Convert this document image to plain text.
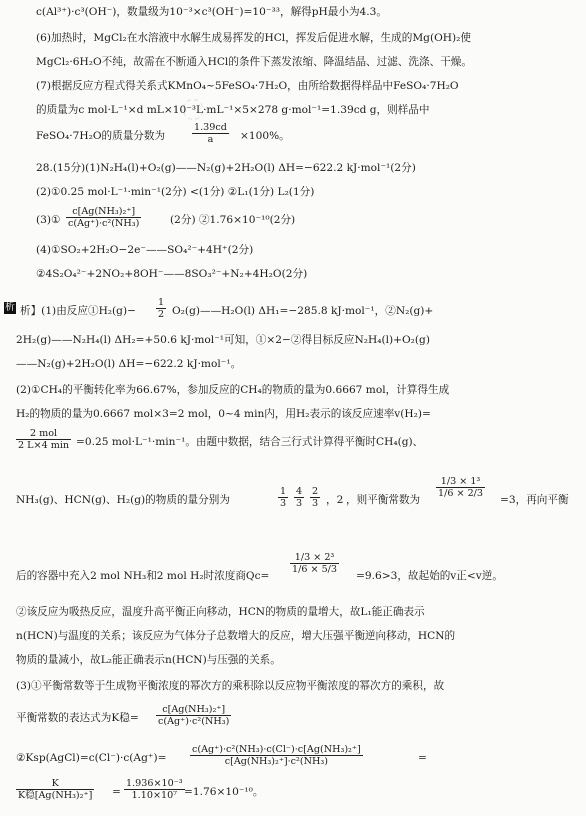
◌
c(Al³⁺)·c³(OH⁻)，数量级为10⁻³×c³(OH⁻)=10⁻³³，解得pH最小为4.3。
(6)加热时，MgCl₂在水溶液中水解生成易挥发的HCl，挥发后促进水解，生成的Mg(OH)₂使
MgCl₂·6H₂O不纯，故需在不断通入HCl的条件下蒸发浓缩、降温结晶、过滤、洗涤、干燥。
(7)根据反应方程式得关系式KMnO₄~5FeSO₄·7H₂O，由所给数据得样品中FeSO₄·7H₂O
的质量为c mol·L⁻¹×d mL×10⁻³L·mL⁻¹×5×278 g·mol⁻¹=1.39cd g，则样品中
FeSO₄·7H₂O的质量分数为	$\frac{1.39cd}{a} \times 100\%$。
28.(15分)(1)N₂H₄(l)+O₂(g)——N₂(g)+2H₂O(l) ΔH=−622.2 kJ·mol⁻¹(2分)
(2)①0.25 mol·L⁻¹·min⁻¹(2分) <(1分) ②L₁(1分) L₂(1分)
(3)① $\frac{\text{c[Ag(NH₃)₂⁺]}}{\text{c(Ag⁺)·c²(NH₃)}}$	(2分) ②1.76×10⁻¹⁰(2分)
(4)①SO₂+2H₂O−2e⁻——SO₄²⁻+4H⁺(2分)
②4S₂O₄²⁻+2NO₂+8OH⁻——8SO₃²⁻+N₂+4H₂O(2分)
析 析】(1)由反应①H₂(g)− $\frac{1}{2}$ O₂(g)——H₂O(l) ΔH₁=−285.8 kJ·mol⁻¹，②N₂(g)+
2H₂(g)——N₂H₄(l) ΔH₂=+50.6 kJ·mol⁻¹可知，①×2−②得目标反应N₂H₄(l)+O₂(g)
——N₂(g)+2H₂O(l) ΔH=−622.2 kJ·mol⁻¹。
(2)①CH₄的平衡转化率为66.67%，参加反应的CH₄的物质的量为0.6667 mol，计算得生成
H₂的物质的量为0.6667 mol×3=2 mol，0~4 min内，用H₂表示的该反应速率v(H₂)=
2 mol
2 L×4 min =0.25 mol·L⁻¹·min⁻¹。由题中数据，结合三行式计算得平衡时CH₄(g)、
NH₃(g)、HCN(g)、H₂(g)的物质的量分别为	$\frac{1}{3} \frac{4}{3} \frac{2}{3}$ ，2 ，则平衡常数为
$\frac{\text{1/3 × 1³}}{1/6 \times 2/3}$
=3，再向平衡
后的容器中充入2 mol NH₃和2 mol H₂时浓度商Qc=
$\frac{\text{1/3 × 2³}}{1/6 \times 5/3}$
=9.6>3，故起始的v正<v逆。
②该反应为吸热反应，温度升高平衡正向移动，HCN的物质的量增大，故L₁能正确表示
n(HCN)与温度的关系；该反应为气体分子总数增大的反应，增大压强平衡逆向移动，HCN的
物质的量减小，故L₂能正确表示n(HCN)与压强的关系。
(3)①平衡常数等于生成物平衡浓度的幂次方的乘积除以反应物平衡浓度的幂次方的乘积，故
平衡常数的表达式为K稳= $\frac{\text{c[Ag(NH₃)₂⁺]}}{\text{c(Ag⁺)·c²(NH₃)}}$
②Ksp(AgCl)=c(Cl⁻)·c(Ag⁺)= $\frac{\text{c(Ag⁺)·c²(NH₃)·c(Cl⁻)·c[Ag(NH₃)₂⁺]}}{\text{c[Ag(NH₃)₂⁺]·c²(NH₃)}}$	=
K
K稳$[Ag(NH_3)_2^+] = \frac{\text{1.936×10⁻³}}{\text{1.10×10⁷}} =1.76\times 10^{-10}$。
